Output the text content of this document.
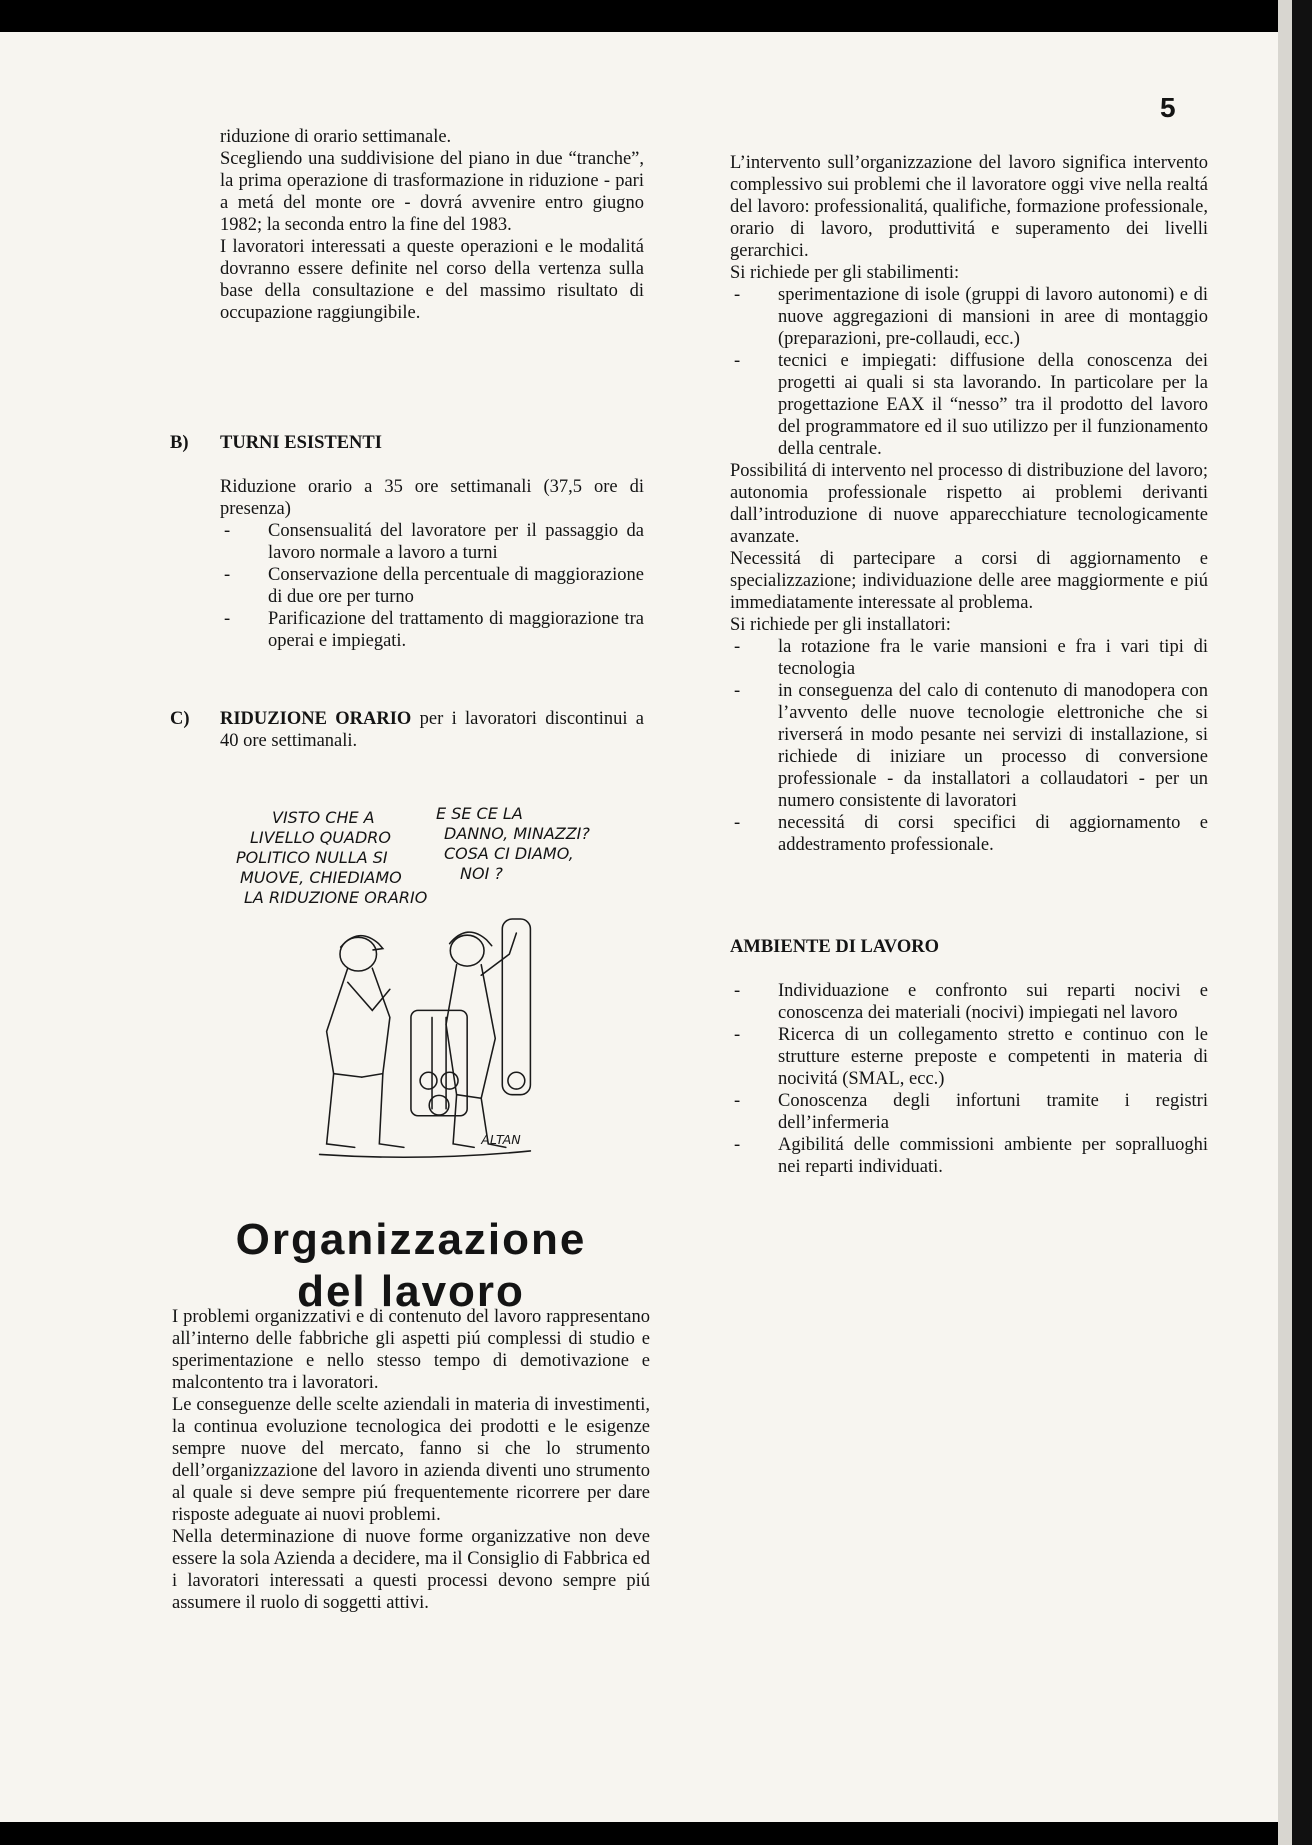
5

riduzione di orario settimanale.

Scegliendo una suddivisione del piano in due “tranche”, la prima operazione di trasformazione in riduzione - pari a metá del monte ore - dovrá avvenire entro giugno 1982; la seconda entro la fine del 1983.

I lavoratori interessati a queste operazioni e le modalitá dovranno essere definite nel corso della vertenza sulla base della consultazione e del massimo risultato di occupazione raggiungibile.

B) TURNI ESISTENTI

Riduzione orario a 35 ore settimanali (37,5 ore di presenza)

- Consensualitá del lavoratore per il passaggio da lavoro normale a lavoro a turni
- Conservazione della percentuale di maggiorazione di due ore per turno
- Parificazione del trattamento di maggiorazione tra operai e impiegati.
C) RIDUZIONE ORARIO per i lavoratori discontinui a 40 ore settimanali.
VISTO CHE A
LIVELLO QUADRO
POLITICO NULLA SI
MUOVE, CHIEDIAMO
LA RIDUZIONE ORARIO
E SE CE LA
DANNO, MINAZZI?
COSA CI DIAMO,
NOI ?
ALTAN
Organizzazione
del lavoro

I problemi organizzativi e di contenuto del lavoro rappresentano all’interno delle fabbriche gli aspetti piú complessi di studio e sperimentazione e nello stesso tempo di demotivazione e malcontento tra i lavoratori.

Le conseguenze delle scelte aziendali in materia di investimenti, la continua evoluzione tecnologica dei prodotti e le esigenze sempre nuove del mercato, fanno si che lo strumento dell’organizzazione del lavoro in azienda diventi uno strumento al quale si deve sempre piú frequentemente ricorrere per dare risposte adeguate ai nuovi problemi.

Nella determinazione di nuove forme organizzative non deve essere la sola Azienda a decidere, ma il Consiglio di Fabbrica ed i lavoratori interessati a questi processi devono sempre piú assumere il ruolo di soggetti attivi.

L’intervento sull’organizzazione del lavoro significa intervento complessivo sui problemi che il lavoratore oggi vive nella realtá del lavoro: professionalitá, qualifiche, formazione professionale, orario di lavoro, produttivitá e superamento dei livelli gerarchici.

Si richiede per gli stabilimenti:

- sperimentazione di isole (gruppi di lavoro autonomi) e di nuove aggregazioni di mansioni in aree di montaggio (preparazioni, pre-collaudi, ecc.)
- tecnici e impiegati: diffusione della conoscenza dei progetti ai quali si sta lavorando. In particolare per la progettazione EAX il “nesso” tra il prodotto del lavoro del programmatore ed il suo utilizzo per il funzionamento della centrale.

Possibilitá di intervento nel processo di distribuzione del lavoro; autonomia professionale rispetto ai problemi derivanti dall’introduzione di nuove apparecchiature tecnologicamente avanzate.

Necessitá di partecipare a corsi di aggiornamento e specializzazione; individuazione delle aree maggiormente e piú immediatamente interessate al problema.

Si richiede per gli installatori:

- la rotazione fra le varie mansioni e fra i vari tipi di tecnologia
- in conseguenza del calo di contenuto di manodopera con l’avvento delle nuove tecnologie elettroniche che si riverserá in modo pesante nei servizi di installazione, si richiede di iniziare un processo di conversione professionale - da installatori a collaudatori - per un numero consistente di lavoratori
- necessitá di corsi specifici di aggiornamento e addestramento professionale.
AMBIENTE DI LAVORO
- Individuazione e confronto sui reparti nocivi e conoscenza dei materiali (nocivi) impiegati nel lavoro
- Ricerca di un collegamento stretto e continuo con le strutture esterne preposte e competenti in materia di nocivitá (SMAL, ecc.)
- Conoscenza degli infortuni tramite i registri dell’infermeria
- Agibilitá delle commissioni ambiente per sopralluoghi nei reparti individuati.
